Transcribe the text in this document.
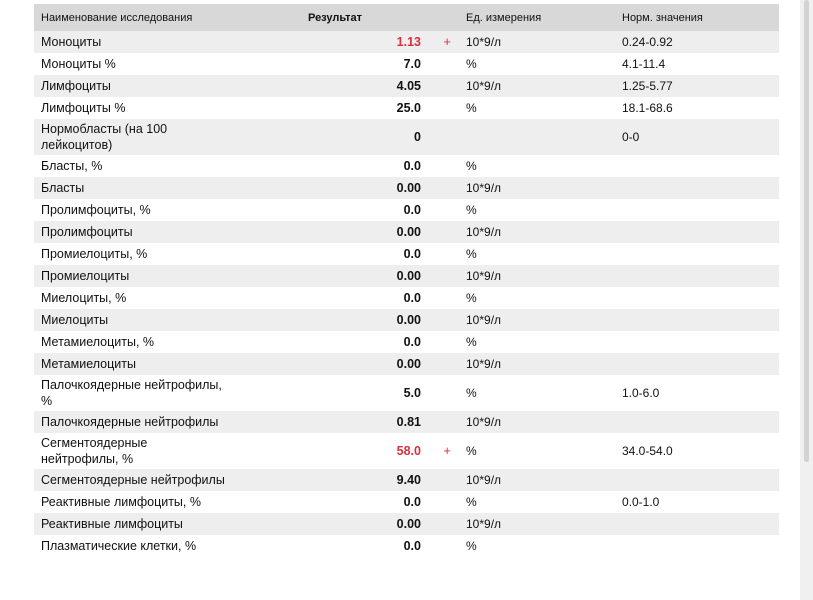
Наименование исследования	Результат	Ед. измерения	Норм. значения
Моноциты	1.13 +	10*9/л	0.24-0.92
Моноциты %	7.0	%	4.1-11.4
Лимфоциты	4.05	10*9/л	1.25-5.77
Лимфоциты %	25.0	%	18.1-68.6
Нормобласты (на 100 лейкоцитов)	0		0-0
Бласты, %	0.0	%	
Бласты	0.00	10*9/л	
Пролимфоциты, %	0.0	%	
Пролимфоциты	0.00	10*9/л	
Промиелоциты, %	0.0	%	
Промиелоциты	0.00	10*9/л	
Миелоциты, %	0.0	%	
Миелоциты	0.00	10*9/л	
Метамиелоциты, %	0.0	%	
Метамиелоциты	0.00	10*9/л	
Палочкоядерные нейтрофилы, %	5.0	%	1.0-6.0
Палочкоядерные нейтрофилы	0.81	10*9/л	
Сегментоядерные нейтрофилы, %	58.0 +	%	34.0-54.0
Сегментоядерные нейтрофилы	9.40	10*9/л	
Реактивные лимфоциты, %	0.0	%	0.0-1.0
Реактивные лимфоциты	0.00	10*9/л	
Плазматические клетки, %	0.0	%	
